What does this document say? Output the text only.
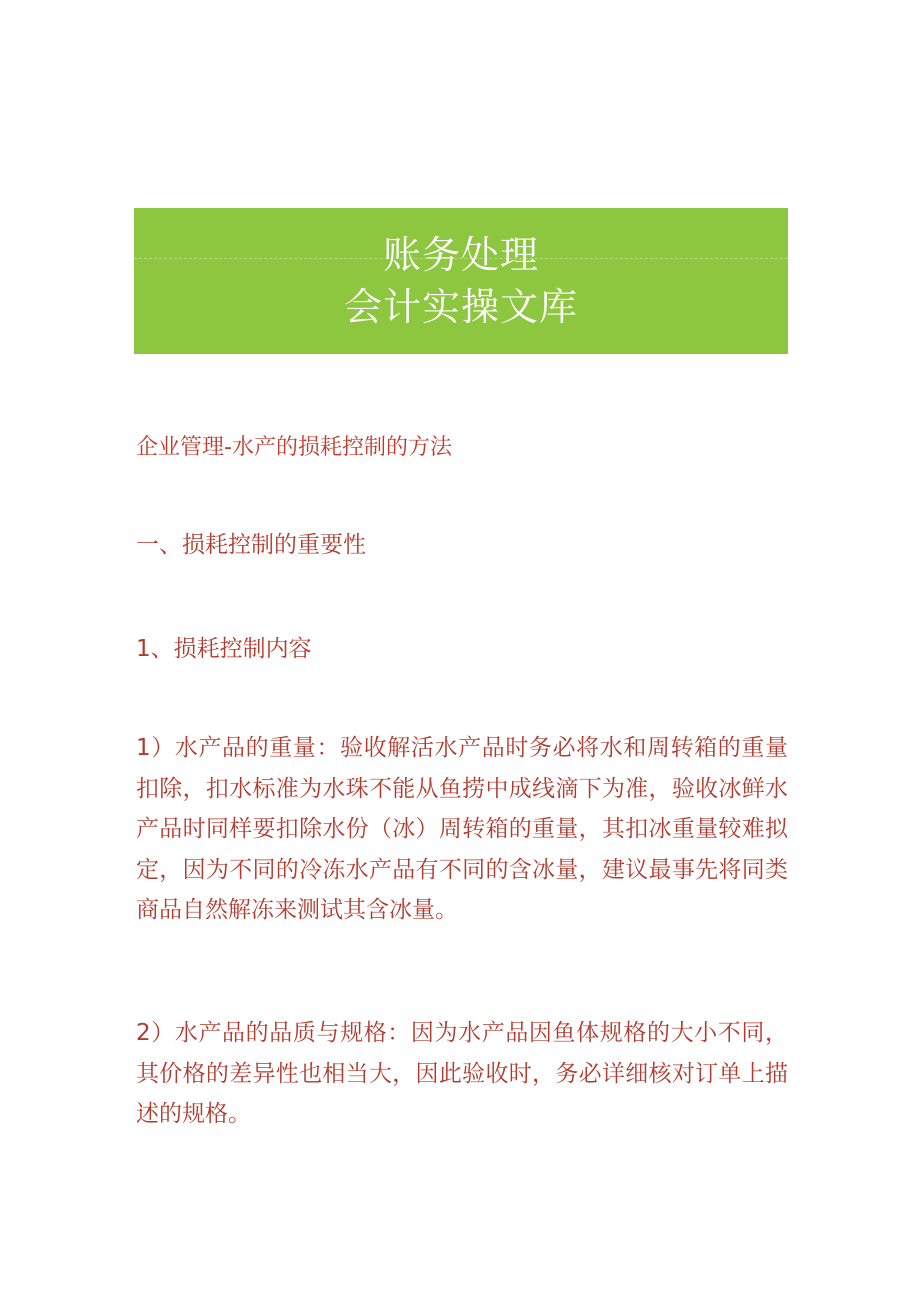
账务处理
会计实操文库
企业管理-水产的损耗控制的方法
一、损耗控制的重要性
1、损耗控制内容

1）水产品的重量：验收解活水产品时务必将水和周转箱的重量扣除，扣水标准为水珠不能从鱼捞中成线滴下为准，验收冰鲜水产品时同样要扣除水份（冰）周转箱的重量，其扣冰重量较难拟定，因为不同的冷冻水产品有不同的含冰量，建议最事先将同类商品自然解冻来测试其含冰量。

2）水产品的品质与规格：因为水产品因鱼体规格的大小不同，其价格的差异性也相当大，因此验收时，务必详细核对订单上描述的规格。
